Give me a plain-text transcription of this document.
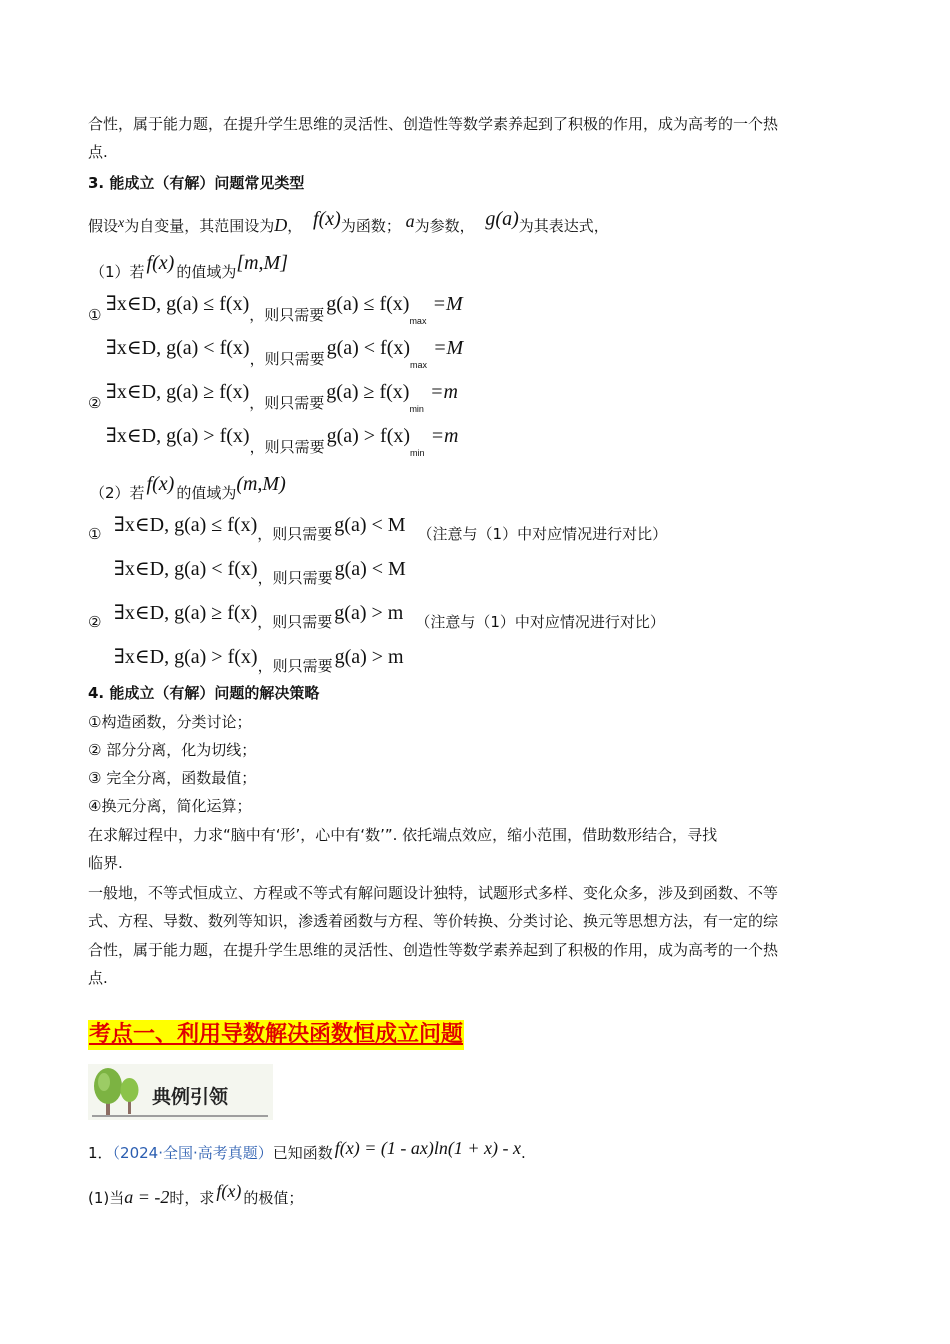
合性，属于能力题，在提升学生思维的灵活性、创造性等数学素养起到了积极的作用，成为高考的一个热
点.
3. 能成立（有解）问题常见类型
假设x为自变量，其范围设为D， f(x)为函数； a为参数， g(a)为其表达式，
（1）若 f(x) 的值域为[m,M]
① ∃x∈D, g(a) ≤ f(x)，则只需要 $g(a) \le f(x)_{max}=M$
∃x∈D, g(a) < f(x)，则只需要 $g(a) < f(x)_{max}=M$
② ∃x∈D, g(a) ≥ f(x)，则只需要 $g(a) \ge f(x)_{min}=m$
∃x∈D, g(a) > f(x)，则只需要 $g(a) > f(x)_{min}=m$
（2）若 f(x) 的值域为(m,M)
① ∃x∈D, g(a) ≤ f(x)，则只需要 g(a) < M （注意与（1）中对应情况进行对比）
∃x∈D, g(a) < f(x)，则只需要 g(a) < M
② ∃x∈D, g(a) ≥ f(x)，则只需要 g(a) > m （注意与（1）中对应情况进行对比）
∃x∈D, g(a) > f(x)，则只需要 g(a) > m
4. 能成立（有解）问题的解决策略
①构造函数，分类讨论；
② 部分分离，化为切线；
③ 完全分离，函数最值；
④换元分离，简化运算；
在求解过程中，力求“脑中有‘形’，心中有‘数’”. 依托端点效应，缩小范围，借助数形结合，寻找
临界.
一般地，不等式恒成立、方程或不等式有解问题设计独特，试题形式多样、变化众多，涉及到函数、不等
式、方程、导数、数列等知识，渗透着函数与方程、等价转换、分类讨论、换元等思想方法，有一定的综
合性，属于能力题，在提升学生思维的灵活性、创造性等数学素养起到了积极的作用，成为高考的一个热
点.
考点一、利用导数解决函数恒成立问题
典例引领
1．（2024·全国·高考真题）已知函数 f(x) = (1 - ax)ln(1 + x) - x.
(1)当a = -2时，求 f(x) 的极值；
